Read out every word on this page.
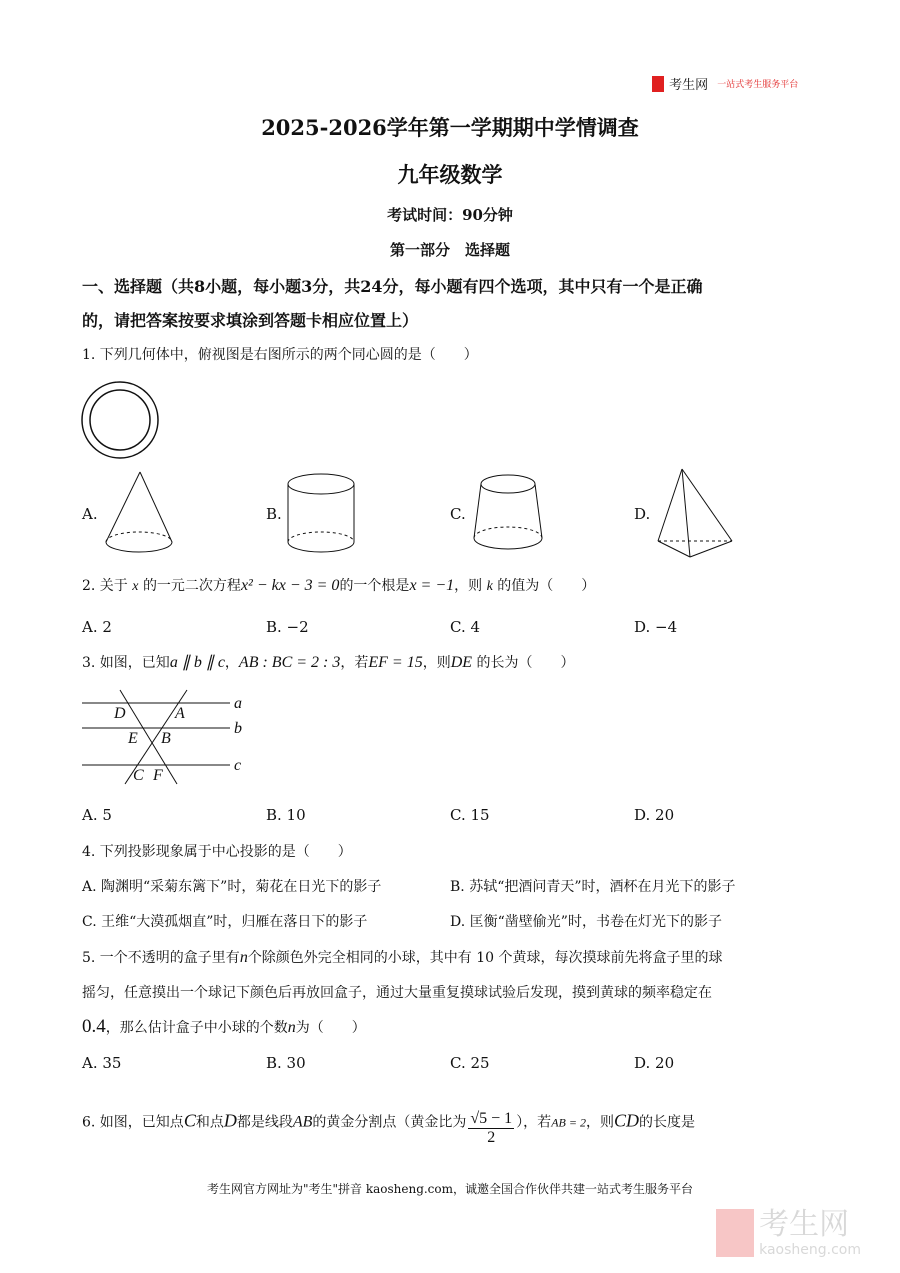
考生网 一站式考生服务平台
2025-2026学年第一学期期中学情调查
九年级数学
考试时间：90分钟
第一部分　选择题
一、选择题（共8小题，每小题3分，共24分，每小题有四个选项，其中只有一个是正确
的，请把答案按要求填涂到答题卡相应位置上）
1. 下列几何体中，俯视图是右图所示的两个同心圆的是（　　）
A.	B.	C.	D.
2. 关于 x 的一元二次方程x² − kx − 3 = 0的一个根是x = −1，则 k 的值为（　　）
A. 2	B. −2	C. 4	D. −4
3. 如图，已知a ∥ b ∥ c，AB : BC = 2 : 3，若EF = 15，则DE 的长为（　　）
a
b
c
D	A
E B
C F
A. 5	B. 10	C. 15	D. 20
4. 下列投影现象属于中心投影的是（　　）
A. 陶渊明“采菊东篱下”时，菊花在日光下的影子	B. 苏轼“把酒问青天”时，酒杯在月光下的影子
C. 王维“大漠孤烟直”时，归雁在落日下的影子	D. 匡衡“凿壁偷光”时，书卷在灯光下的影子
5. 一个不透明的盒子里有n个除颜色外完全相同的小球，其中有 10 个黄球，每次摸球前先将盒子里的球
摇匀，任意摸出一个球记下颜色后再放回盒子，通过大量重复摸球试验后发现，摸到黄球的频率稳定在
0.4，那么估计盒子中小球的个数n为（　　）
A. 35	B. 30	C. 25	D. 20
6. 如图，已知点C和点D都是线段AB的黄金分割点（黄金比为 $\frac{√5 - 1}{2}$ ），若AB = 2，则CD的长度是
考生网官方网址为"考生"拼音 kaosheng.com，诚邀全国合作伙伴共建一站式考生服务平台

考生网
kaosheng.com
